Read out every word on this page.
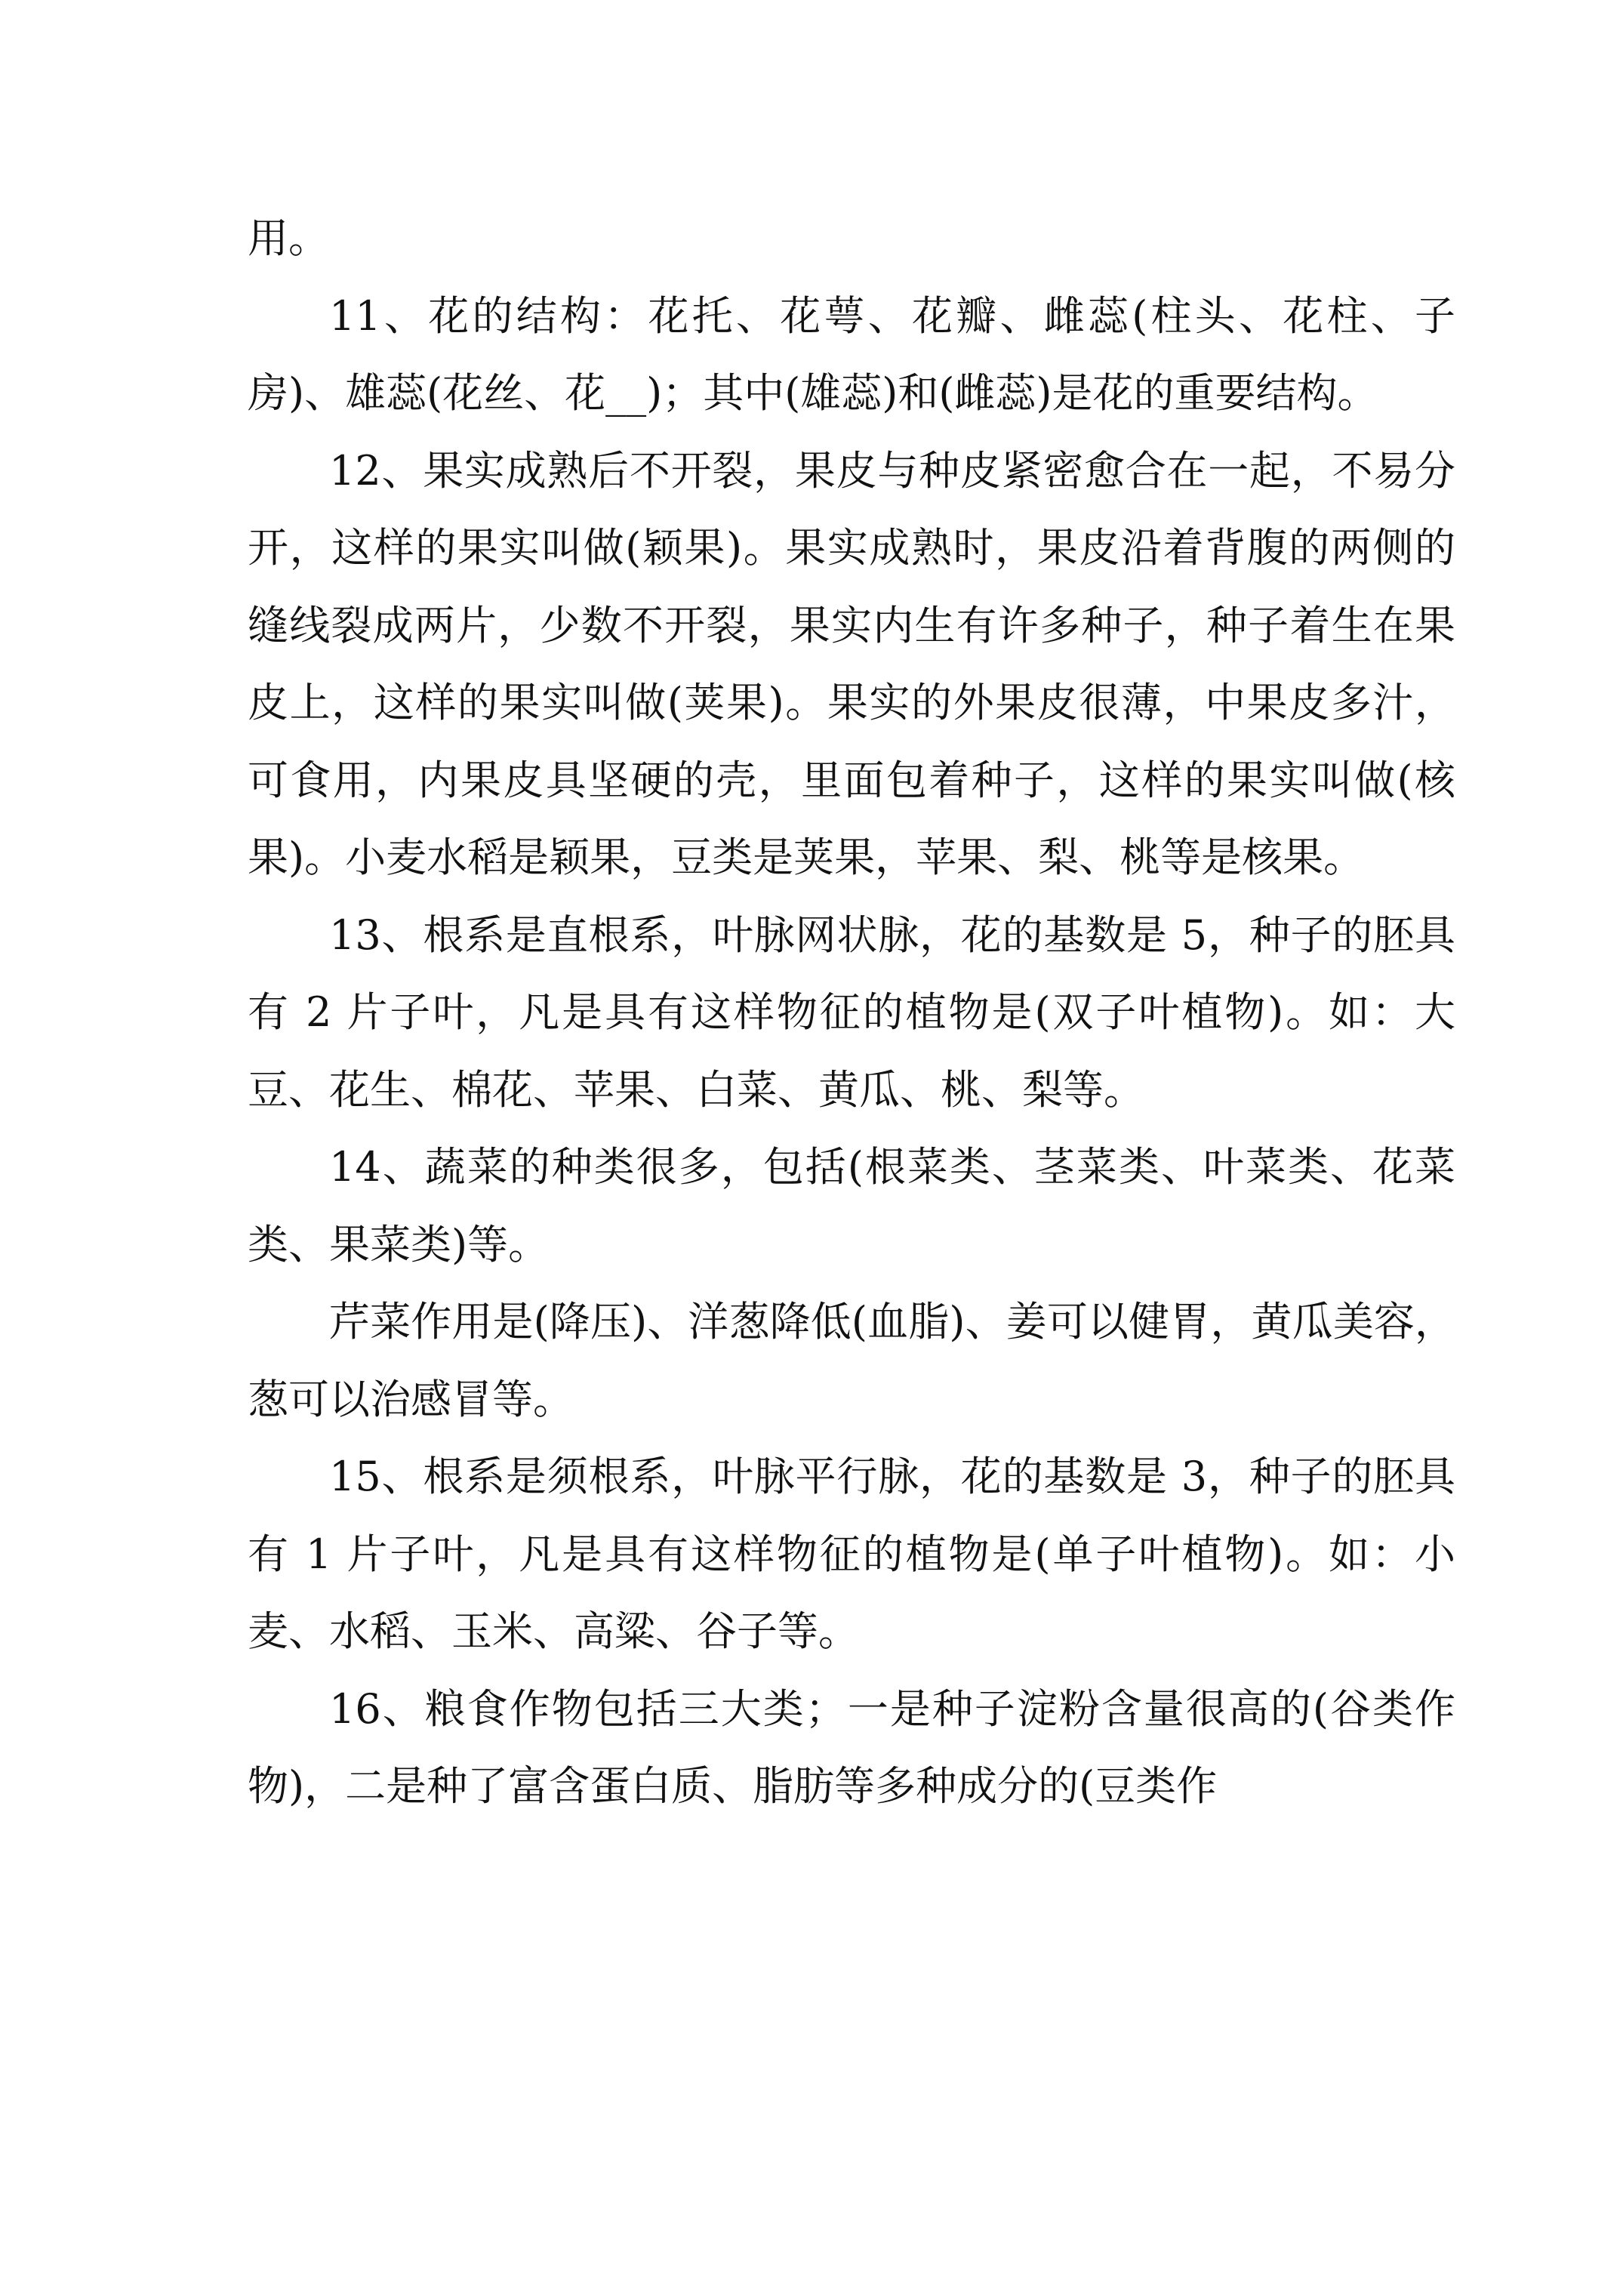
用。

11、花的结构：花托、花萼、花瓣、雌蕊(柱头、花柱、子房)、雄蕊(花丝、花__)；其中(雄蕊)和(雌蕊)是花的重要结构。

12、果实成熟后不开裂，果皮与种皮紧密愈合在一起，不易分开，这样的果实叫做(颖果)。果实成熟时，果皮沿着背腹的两侧的缝线裂成两片，少数不开裂，果实内生有许多种子，种子着生在果皮上，这样的果实叫做(荚果)。果实的外果皮很薄，中果皮多汁，可食用，内果皮具坚硬的壳，里面包着种子，这样的果实叫做(核果)。小麦水稻是颖果，豆类是荚果，苹果、梨、桃等是核果。

13、根系是直根系，叶脉网状脉，花的基数是 5，种子的胚具有 2 片子叶，凡是具有这样物征的植物是(双子叶植物)。如：大豆、花生、棉花、苹果、白菜、黄瓜、桃、梨等。

14、蔬菜的种类很多，包括(根菜类、茎菜类、叶菜类、花菜类、果菜类)等。

芹菜作用是(降压)、洋葱降低(血脂)、姜可以健胃，黄瓜美容，葱可以治感冒等。

15、根系是须根系，叶脉平行脉，花的基数是 3，种子的胚具有 1 片子叶，凡是具有这样物征的植物是(单子叶植物)。如：小麦、水稻、玉米、高粱、谷子等。

16、粮食作物包括三大类；一是种子淀粉含量很高的(谷类作物)，二是种了富含蛋白质、脂肪等多种成分的(豆类作
